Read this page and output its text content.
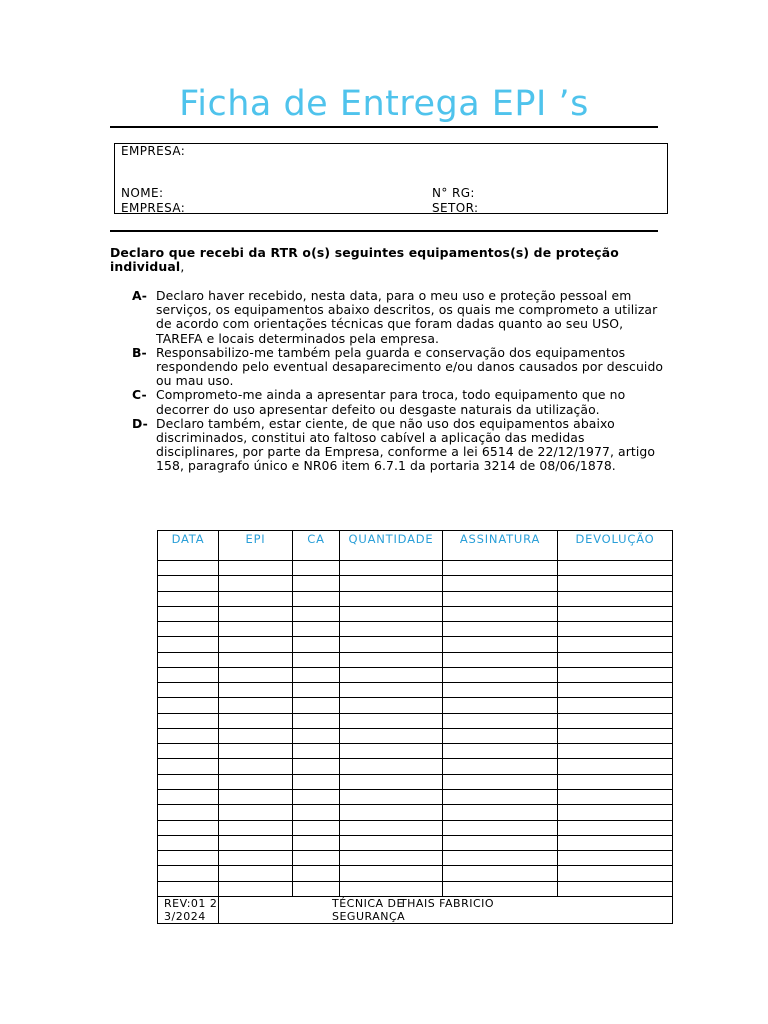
Ficha de Entrega EPI ’s
EMPRESA:
NOME:	N° RG:
EMPRESA:	SETOR:

Declaro que recebi da RTR o(s) seguintes equipamentos(s) de proteção individual,

A- Declaro haver recebido, nesta data, para o meu uso e proteção pessoal em serviços, os equipamentos abaixo descritos, os quais me comprometo a utilizar de acordo com orientações técnicas que foram dadas quanto ao seu USO, TAREFA e locais determinados pela empresa.
B- Responsabilizo-me também pela guarda e conservação dos equipamentos respondendo pelo eventual desaparecimento e/ou danos causados por descuido ou mau uso.
C- Comprometo-me ainda a apresentar para troca, todo equipamento que no decorrer do uso apresentar defeito ou desgaste naturais da utilização.
D- Declaro também, estar ciente, de que não uso dos equipamentos abaixo discriminados, constitui ato faltoso cabível a aplicação das medidas disciplinares, por parte da Empresa, conforme a lei 6514 de 22/12/1977, artigo 158, paragrafo único e NR06 item 6.7.1 da portaria 3214 de 08/06/1878.
DATA	EPI	CA	QUANTIDADE	ASSINATURA	DEVOLUÇÃO

REV:01 23/2024	TÉCNICA DE SEGURANÇA
THAIS FABRICIO				
